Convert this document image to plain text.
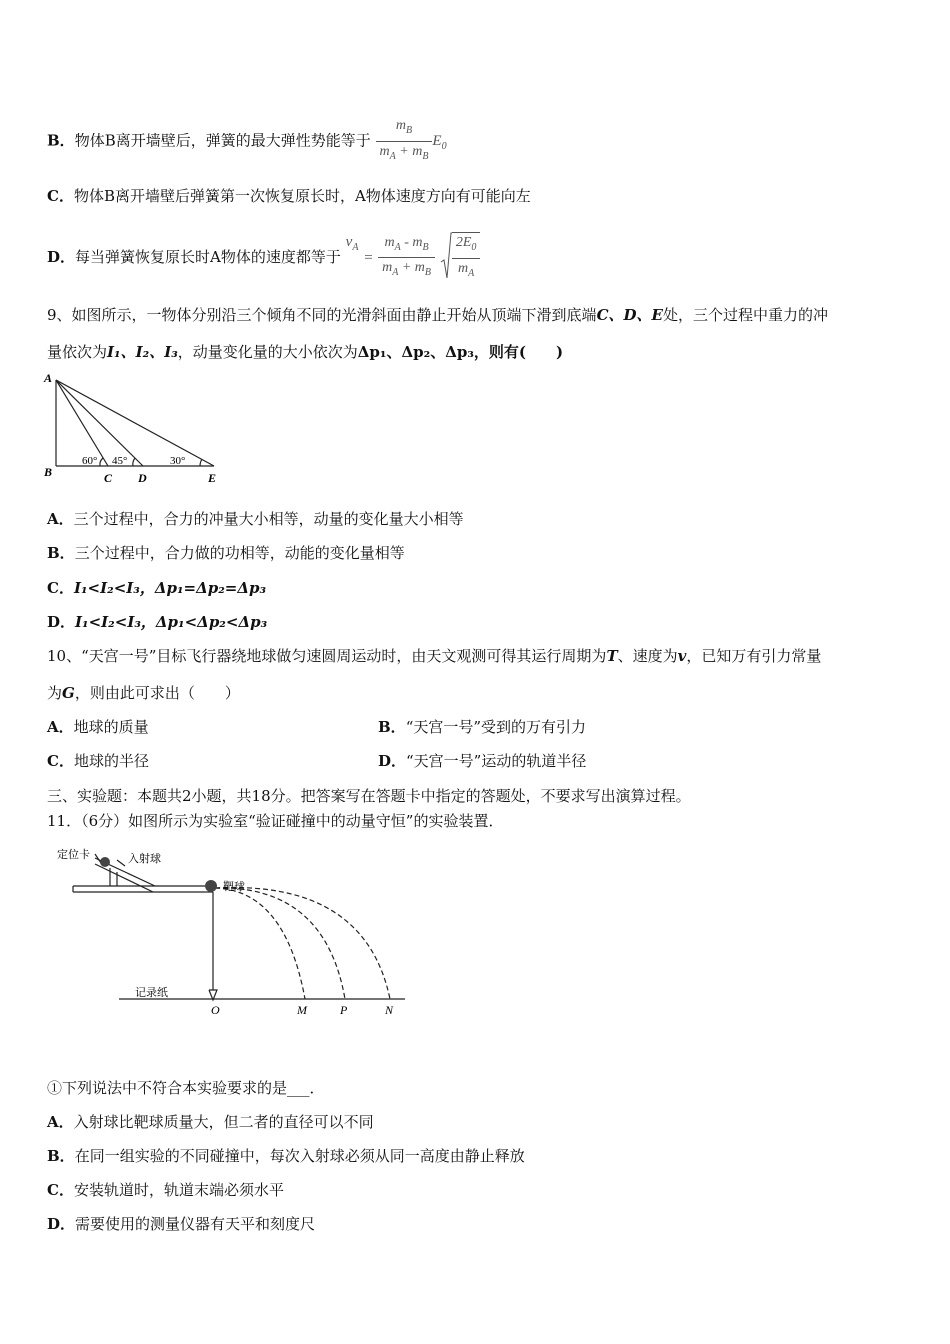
B．物体B离开墙壁后，弹簧的最大弹性势能等于 $\frac{m_B}{m_A + m_B} E_0$
C．物体B离开墙壁后弹簧第一次恢复原长时，A物体速度方向有可能向左
D．每当弹簧恢复原长时A物体的速度都等于 $v_A = \frac{m_A - m_B}{m_A + m_B}$
$\frac{2E_0}{m_A}$
9、如图所示，一物体分别沿三个倾角不同的光滑斜面由静止开始从顶端下滑到底端C、D、E处，三个过程中重力的冲
量依次为I₁、I₂、I₃，动量变化量的大小依次为Δp₁、Δp₂、Δp₃，则有(　　)
A
B	C D	E
60° 45°	30°
A．三个过程中，合力的冲量大小相等，动量的变化量大小相等
B．三个过程中，合力做的功相等，动能的变化量相等
C．I₁<I₂<I₃，Δp₁=Δp₂=Δp₃
D．I₁<I₂<I₃，Δp₁<Δp₂<Δp₃
10、“天宫一号”目标飞行器绕地球做匀速圆周运动时，由天文观测可得其运行周期为T、速度为v，已知万有引力常量
为G，则由此可求出（　　）
A．地球的质量	B．“天宫一号”受到的万有引力
C．地球的半径	D．“天宫一号”运动的轨道半径
三、实验题：本题共2小题，共18分。把答案写在答题卡中指定的答题处，不要求写出演算过程。
11．（6分）如图所示为实验室“验证碰撞中的动量守恒”的实验装置．
定位卡	入射球
靶球
记录纸
O	M	P	N
①下列说法中不符合本实验要求的是___．
A．入射球比靶球质量大，但二者的直径可以不同
B．在同一组实验的不同碰撞中，每次入射球必须从同一高度由静止释放
C．安装轨道时，轨道末端必须水平
D．需要使用的测量仪器有天平和刻度尺
